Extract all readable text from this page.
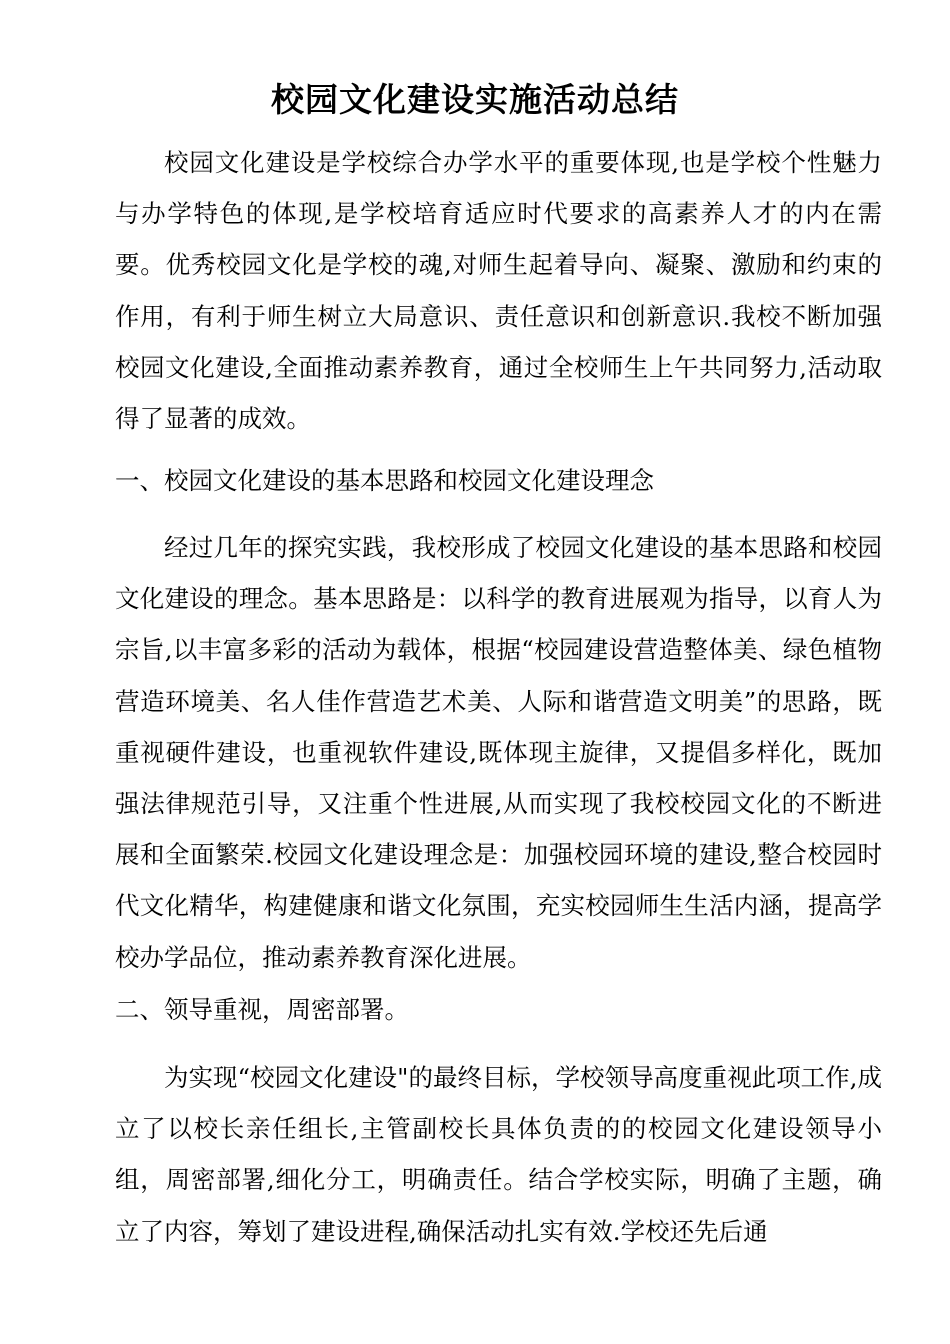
校园文化建设实施活动总结

校园文化建设是学校综合办学水平的重要体现,也是学校个性魅力与办学特色的体现,是学校培育适应时代要求的高素养人才的内在需要。优秀校园文化是学校的魂,对师生起着导向、凝聚、激励和约束的作用，有利于师生树立大局意识、责任意识和创新意识.我校不断加强校园文化建设,全面推动素养教育，通过全校师生上午共同努力,活动取得了显著的成效。

一、校园文化建设的基本思路和校园文化建设理念

经过几年的探究实践，我校形成了校园文化建设的基本思路和校园文化建设的理念。基本思路是：以科学的教育进展观为指导，以育人为宗旨,以丰富多彩的活动为载体，根据“校园建设营造整体美、绿色植物营造环境美、名人佳作营造艺术美、人际和谐营造文明美”的思路，既重视硬件建设，也重视软件建设,既体现主旋律，又提倡多样化，既加强法律规范引导，又注重个性进展,从而实现了我校校园文化的不断进展和全面繁荣.校园文化建设理念是：加强校园环境的建设,整合校园时代文化精华，构建健康和谐文化氛围，充实校园师生生活内涵，提高学校办学品位，推动素养教育深化进展。

二、领导重视，周密部署。

为实现“校园文化建设"的最终目标，学校领导高度重视此项工作,成立了以校长亲任组长,主管副校长具体负责的的校园文化建设领导小组，周密部署,细化分工，明确责任。结合学校实际，明确了主题，确立了内容，筹划了建设进程,确保活动扎实有效.学校还先后通
